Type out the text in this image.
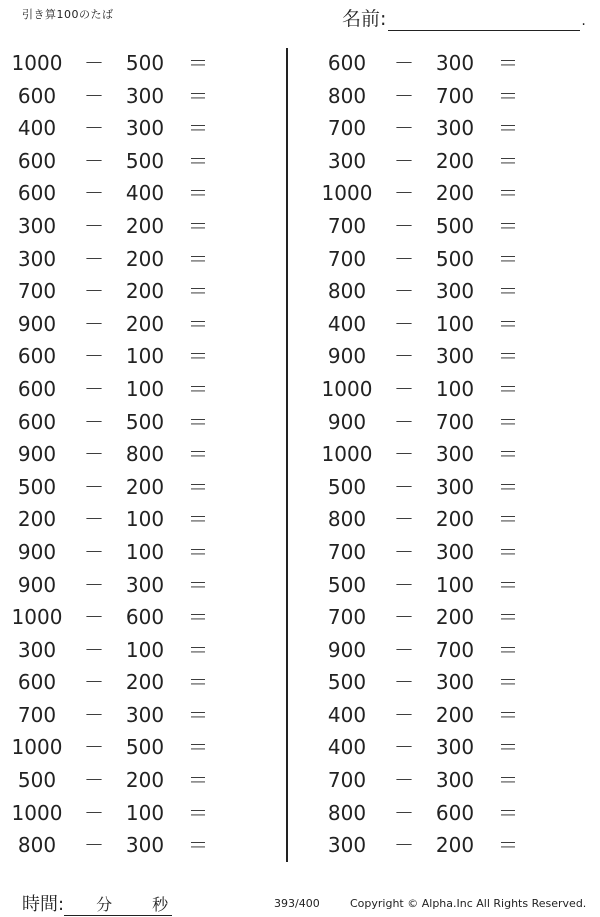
引き算100のたば	名前:	.
1000 － 500 ＝
600	－ 300 ＝
400	－ 300 ＝
600	－ 500 ＝
600	－ 400 ＝
300	－ 200 ＝
300	－ 200 ＝
700	－ 200 ＝
900	－ 200 ＝
600	－ 100 ＝
600	－ 100 ＝
600	－ 500 ＝
900	－ 800 ＝
500	－ 200 ＝
200	－ 100 ＝
900	－ 100 ＝
900	－ 300 ＝
1000 － 600 ＝
300	－ 100 ＝
600	－ 200 ＝
700	－ 300 ＝
1000 － 500 ＝
500	－ 200 ＝
1000 － 100 ＝
800	－ 300 ＝
600	－ 300 ＝
800	－ 700 ＝
700	－ 300 ＝
300	－ 200 ＝
1000 － 200 ＝
700	－ 500 ＝
700	－ 500 ＝
800	－ 300 ＝
400	－ 100 ＝
900	－ 300 ＝
1000 － 100 ＝
900	－ 700 ＝
1000 － 300 ＝
500	－ 300 ＝
800	－ 200 ＝
700	－ 300 ＝
500	－ 100 ＝
700	－ 200 ＝
900	－ 700 ＝
500	－ 300 ＝
400	－ 200 ＝
400	－ 300 ＝
700	－ 300 ＝
800	－ 600 ＝
300	－ 200 ＝
時間: 分 秒	393/400	Copyright © Alpha.Inc All Rights Reserved.
